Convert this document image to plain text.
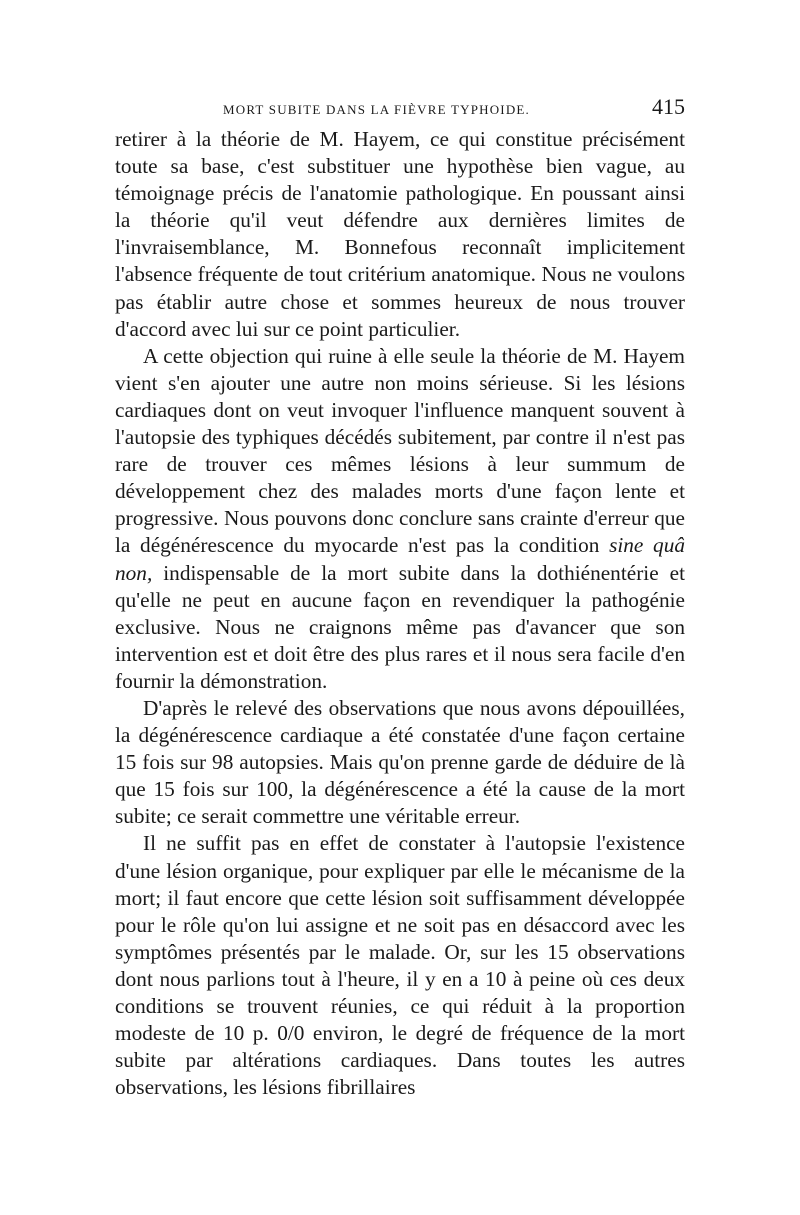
MORT SUBITE DANS LA FIÈVRE TYPHOIDE.	415

retirer à la théorie de M. Hayem, ce qui constitue précisément toute sa base, c'est substituer une hypothèse bien vague, au témoignage précis de l'anatomie pathologique. En poussant ainsi la théorie qu'il veut défendre aux dernières limites de l'invraisemblance, M. Bonnefous reconnaît implicitement l'absence fréquente de tout critérium anatomique. Nous ne voulons pas établir autre chose et sommes heureux de nous trouver d'accord avec lui sur ce point particulier.

A cette objection qui ruine à elle seule la théorie de M. Hayem vient s'en ajouter une autre non moins sérieuse. Si les lésions cardiaques dont on veut invoquer l'influence manquent souvent à l'autopsie des typhiques décédés subitement, par contre il n'est pas rare de trouver ces mêmes lésions à leur summum de développement chez des malades morts d'une façon lente et progressive. Nous pouvons donc conclure sans crainte d'erreur que la dégénérescence du myocarde n'est pas la condition sine quâ non, indispensable de la mort subite dans la dothiénentérie et qu'elle ne peut en aucune façon en revendiquer la pathogénie exclusive. Nous ne craignons même pas d'avancer que son intervention est et doit être des plus rares et il nous sera facile d'en fournir la démonstration.

D'après le relevé des observations que nous avons dépouillées, la dégénérescence cardiaque a été constatée d'une façon certaine 15 fois sur 98 autopsies. Mais qu'on prenne garde de déduire de là que 15 fois sur 100, la dégénérescence a été la cause de la mort subite; ce serait commettre une véritable erreur.

Il ne suffit pas en effet de constater à l'autopsie l'existence d'une lésion organique, pour expliquer par elle le mécanisme de la mort; il faut encore que cette lésion soit suffisamment développée pour le rôle qu'on lui assigne et ne soit pas en désaccord avec les symptômes présentés par le malade. Or, sur les 15 observations dont nous parlions tout à l'heure, il y en a 10 à peine où ces deux conditions se trouvent réunies, ce qui réduit à la proportion modeste de 10 p. 0/0 environ, le degré de fréquence de la mort subite par altérations cardiaques. Dans toutes les autres observations, les lésions fibrillaires
